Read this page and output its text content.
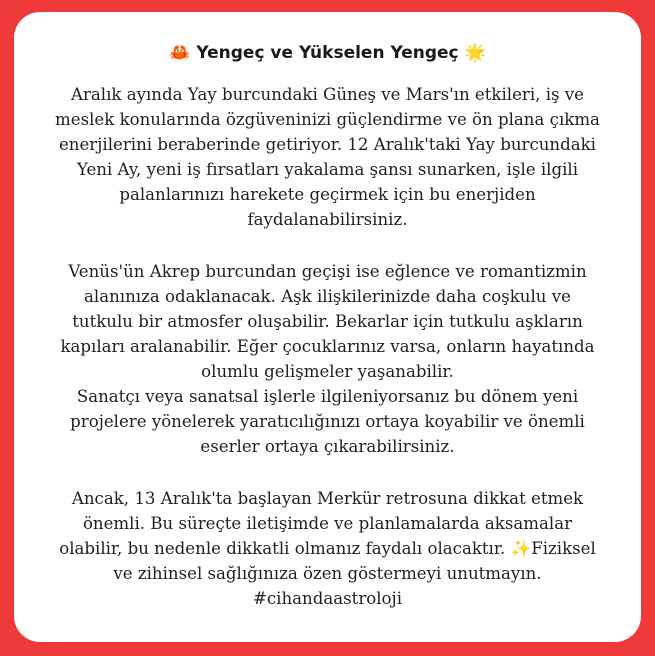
🦀 Yengeç ve Yükselen Yengeç 🌟
Aralık ayında Yay burcundaki Güneş ve Mars'ın etkileri, iş ve
meslek konularında özgüveninizi güçlendirme ve ön plana çıkma
enerjilerini beraberinde getiriyor. 12 Aralık'taki Yay burcundaki
Yeni Ay, yeni iş fırsatları yakalama şansı sunarken, işle ilgili
palanlarınızı harekete geçirmek için bu enerjiden
faydalanabilirsiniz.
Venüs'ün Akrep burcundan geçişi ise eğlence ve romantizmin
alanınıza odaklanacak. Aşk ilişkilerinizde daha coşkulu ve
tutkulu bir atmosfer oluşabilir. Bekarlar için tutkulu aşkların
kapıları aralanabilir. Eğer çocuklarınız varsa, onların hayatında
olumlu gelişmeler yaşanabilir.
Sanatçı veya sanatsal işlerle ilgileniyorsanız bu dönem yeni
projelere yönelerek yaratıcılığınızı ortaya koyabilir ve önemli
eserler ortaya çıkarabilirsiniz.
Ancak, 13 Aralık'ta başlayan Merkür retrosuna dikkat etmek
önemli. Bu süreçte iletişimde ve planlamalarda aksamalar
olabilir, bu nedenle dikkatli olmanız faydalı olacaktır. ✨Fiziksel
ve zihinsel sağlığınıza özen göstermeyi unutmayın.
#cihandaastroloji
